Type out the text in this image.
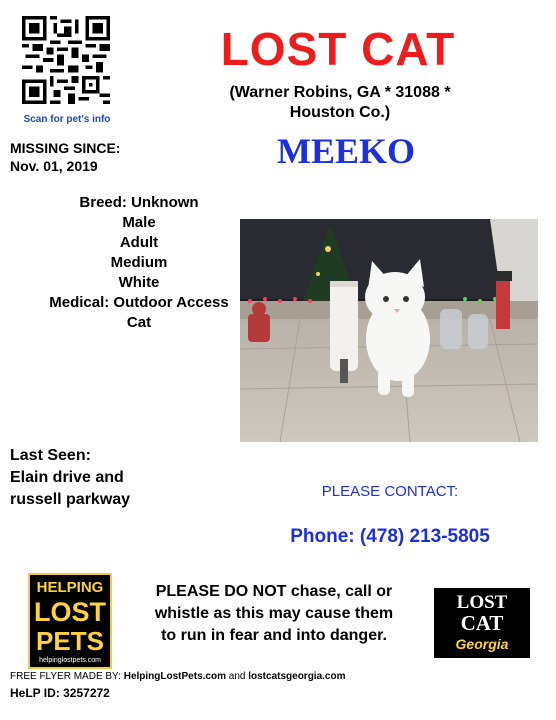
Scan for pet's info
LOST CAT
(Warner Robins, GA * 31088 *
Houston Co.)
MEEKO
MISSING SINCE:
Nov. 01, 2019
Breed: Unknown
Male
Adult
Medium
White
Medical: Outdoor Access
Cat
Last Seen:
Elain drive and
russell parkway	PLEASE CONTACT:
Phone: (478) 213-5805
HELPING
LOST
PETS
helpinglostpets.com
PLEASE DO NOT chase, call or
whistle as this may cause them
to run in fear and into danger.
LOST
CAT
Georgia
FREE FLYER MADE BY: HelpingLostPets.com and lostcatsgeorgia.com
HeLP ID: 3257272
